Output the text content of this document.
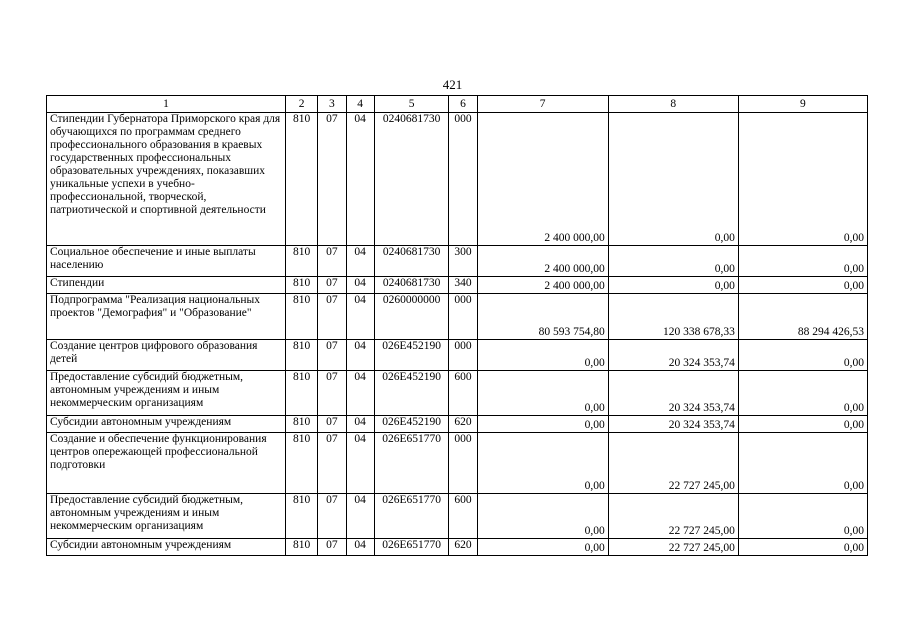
421
1	2	3	4	5	6	7	8	9
Стипендии Губернатора Приморского края для обучающихся по программам среднего профессионального образования в краевых государственных профессиональных образовательных учреждениях, показавших уникальные успехи в учебно-профессиональной, творческой, патриотической и спортивной деятельности	810	07	04	0240681730	000	2 400 000,00	0,00	0,00
Социальное обеспечение и иные выплаты населению	810	07	04	0240681730	300	2 400 000,00	0,00	0,00
Стипендии	810	07	04	0240681730	340	2 400 000,00	0,00	0,00
Подпрограмма "Реализация национальных проектов "Демография" и "Образование"	810	07	04	0260000000	000	80 593 754,80	120 338 678,33	88 294 426,53
Создание центров цифрового образования детей	810	07	04	026E452190	000	0,00	20 324 353,74	0,00
Предоставление субсидий бюджетным, автономным учреждениям и иным некоммерческим организациям	810	07	04	026E452190	600	0,00	20 324 353,74	0,00
Субсидии автономным учреждениям	810	07	04	026E452190	620	0,00	20 324 353,74	0,00
Создание и обеспечение функционирования центров опережающей профессиональной подготовки	810	07	04	026E651770	000	0,00	22 727 245,00	0,00
Предоставление субсидий бюджетным, автономным учреждениям и иным некоммерческим организациям	810	07	04	026E651770	600	0,00	22 727 245,00	0,00
Субсидии автономным учреждениям	810	07	04	026E651770	620	0,00	22 727 245,00	0,00
